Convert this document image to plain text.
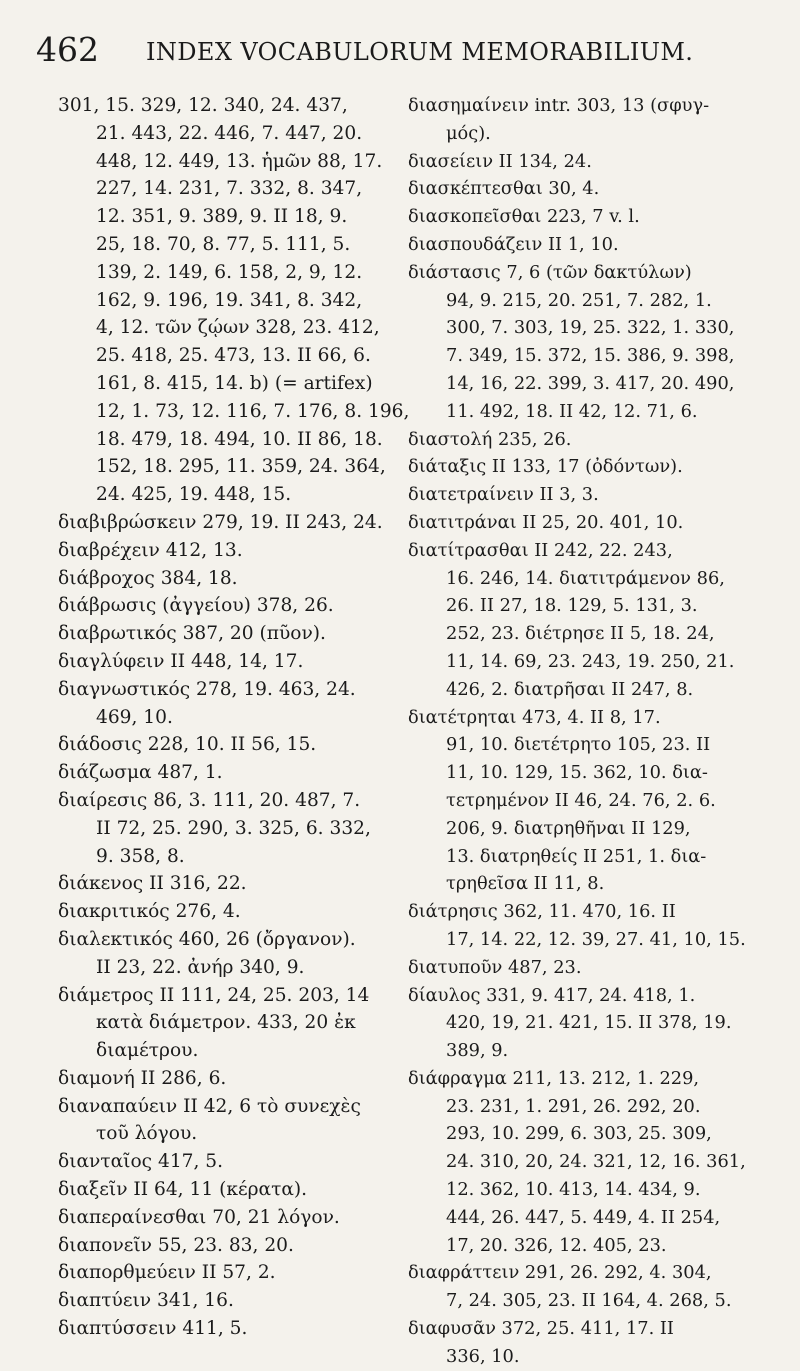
462 INDEX VOCABULORUM MEMORABILIUM.
301, 15. 329, 12. 340, 24. 437,
21. 443, 22. 446, 7. 447, 20.
448, 12. 449, 13. ἡμῶν 88, 17.
227, 14. 231, 7. 332, 8. 347,
12. 351, 9. 389, 9. II 18, 9.
25, 18. 70, 8. 77, 5. 111, 5.
139, 2. 149, 6. 158, 2, 9, 12.
162, 9. 196, 19. 341, 8. 342,
4, 12. τῶν ζῴων 328, 23. 412,
25. 418, 25. 473, 13. II 66, 6.
161, 8. 415, 14. b) (= artifex)
12, 1. 73, 12. 116, 7. 176, 8. 196,
18. 479, 18. 494, 10. II 86, 18.
152, 18. 295, 11. 359, 24. 364,
24. 425, 19. 448, 15.
διαβιβρώσκειν 279, 19. II 243, 24.
διαβρέχειν 412, 13.
διάβροχος 384, 18.
διάβρωσις (ἀγγείου) 378, 26.
διαβρωτικός 387, 20 (πῦον).
διαγλύφειν II 448, 14, 17.
διαγνωστικός 278, 19. 463, 24.
469, 10.
διάδοσις 228, 10. II 56, 15.
διάζωσμα 487, 1.
διαίρεσις 86, 3. 111, 20. 487, 7.
II 72, 25. 290, 3. 325, 6. 332,
9. 358, 8.
διάκενος II 316, 22.
διακριτικός 276, 4.
διαλεκτικός 460, 26 (ὄργανον).
II 23, 22. ἀνήρ 340, 9.
διάμετρος II 111, 24, 25. 203, 14
κατὰ διάμετρον. 433, 20 ἐκ
διαμέτρου.
διαμονή II 286, 6.
διαναπαύειν II 42, 6 τὸ συνεχὲς
τοῦ λόγου.
διανταῖος 417, 5.
διαξεῖν II 64, 11 (κέρατα).
διαπεραίνεσθαι 70, 21 λόγον.
διαπονεῖν 55, 23. 83, 20.
διαπορθμεύειν II 57, 2.
διαπτύειν 341, 16.
διαπτύσσειν 411, 5.
διασημαίνειν intr. 303, 13 (σφυγ-
μός).
διασείειν II 134, 24.
διασκέπτεσθαι 30, 4.
διασκοπεῖσθαι 223, 7 v. l.
διασπουδάζειν II 1, 10.
διάστασις 7, 6 (τῶν δακτύλων)
94, 9. 215, 20. 251, 7. 282, 1.
300, 7. 303, 19, 25. 322, 1. 330,
7. 349, 15. 372, 15. 386, 9. 398,
14, 16, 22. 399, 3. 417, 20. 490,
11. 492, 18. II 42, 12. 71, 6.
διαστολή 235, 26.
διάταξις II 133, 17 (ὀδόντων).
διατετραίνειν II 3, 3.
διατιτράναι II 25, 20. 401, 10.
διατίτρασθαι II 242, 22. 243,
16. 246, 14. διατιτράμενον 86,
26. II 27, 18. 129, 5. 131, 3.
252, 23. διέτρησε II 5, 18. 24,
11, 14. 69, 23. 243, 19. 250, 21.
426, 2. διατρῆσαι II 247, 8.
διατέτρηται 473, 4. II 8, 17.
91, 10. διετέτρητο 105, 23. II
11, 10. 129, 15. 362, 10. δια-
τετρημένον II 46, 24. 76, 2. 6.
206, 9. διατρηθῆναι II 129,
13. διατρηθείς II 251, 1. δια-
τρηθεῖσα II 11, 8.
διάτρησις 362, 11. 470, 16. II
17, 14. 22, 12. 39, 27. 41, 10, 15.
διατυποῦν 487, 23.
δίαυλος 331, 9. 417, 24. 418, 1.
420, 19, 21. 421, 15. II 378, 19.
389, 9.
διάφραγμα 211, 13. 212, 1. 229,
23. 231, 1. 291, 26. 292, 20.
293, 10. 299, 6. 303, 25. 309,
24. 310, 20, 24. 321, 12, 16. 361,
12. 362, 10. 413, 14. 434, 9.
444, 26. 447, 5. 449, 4. II 254,
17, 20. 326, 12. 405, 23.
διαφράττειν 291, 26. 292, 4. 304,
7, 24. 305, 23. II 164, 4. 268, 5.
διαφυσᾶν 372, 25. 411, 17. II
336, 10.
